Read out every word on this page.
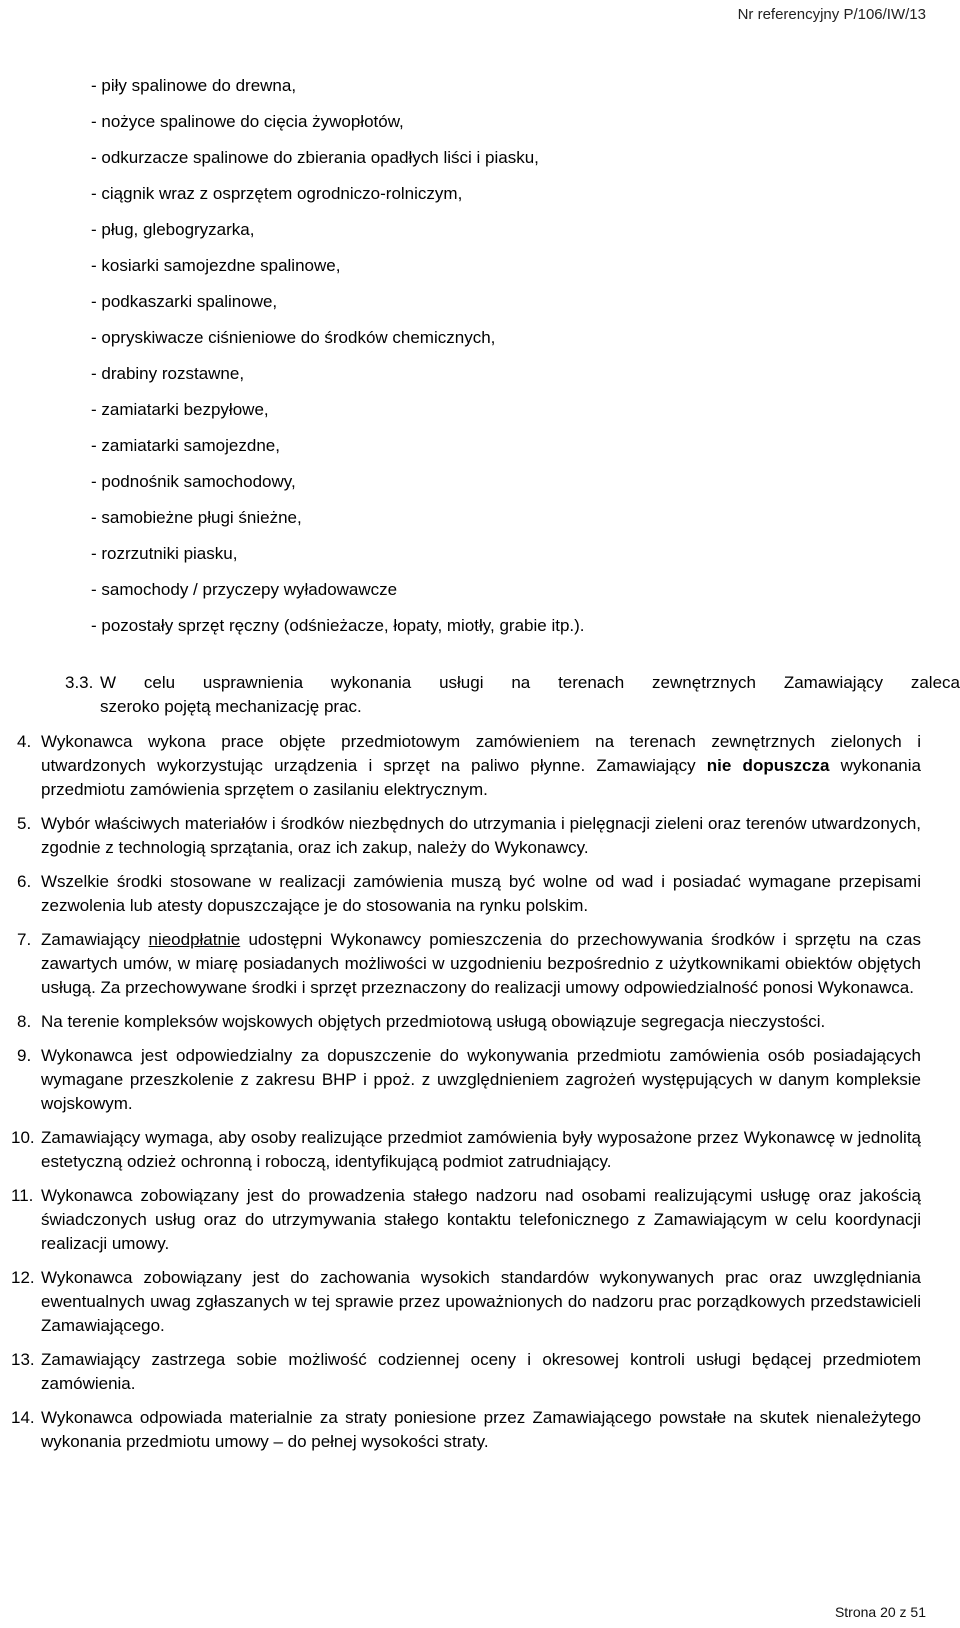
Nr referencyjny P/106/IW/13
- piły spalinowe do drewna,
- nożyce spalinowe do cięcia żywopłotów,
- odkurzacze spalinowe do zbierania opadłych liści i piasku,
- ciągnik wraz z osprzętem ogrodniczo-rolniczym,
- pług, glebogryzarka,
- kosiarki samojezdne spalinowe,
- podkaszarki spalinowe,
- opryskiwacze ciśnieniowe do środków chemicznych,
- drabiny rozstawne,
- zamiatarki bezpyłowe,
- zamiatarki samojezdne,
- podnośnik samochodowy,
- samobieżne pługi śnieżne,
- rozrzutniki piasku,
- samochody / przyczepy wyładowawcze
- pozostały sprzęt ręczny (odśnieżacze, łopaty, miotły, grabie itp.).
3.3. W celu usprawnienia wykonania usługi na terenach zewnętrznych Zamawiający zaleca
szeroko pojętą mechanizację prac.
4. Wykonawca wykona prace objęte przedmiotowym zamówieniem na terenach zewnętrznych zielonych i utwardzonych wykorzystując urządzenia i sprzęt na paliwo płynne. Zamawiający nie dopuszcza wykonania przedmiotu zamówienia sprzętem o zasilaniu elektrycznym.
5. Wybór właściwych materiałów i środków niezbędnych do utrzymania i pielęgnacji zieleni oraz terenów utwardzonych, zgodnie z technologią sprzątania, oraz ich zakup, należy do Wykonawcy.
6. Wszelkie środki stosowane w realizacji zamówienia muszą być wolne od wad i posiadać wymagane przepisami zezwolenia lub atesty dopuszczające je do stosowania na rynku polskim.
7. Zamawiający nieodpłatnie udostępni Wykonawcy pomieszczenia do przechowywania środków i sprzętu na czas zawartych umów, w miarę posiadanych możliwości w uzgodnieniu bezpośrednio z użytkownikami obiektów objętych usługą. Za przechowywane środki i sprzęt przeznaczony do realizacji umowy odpowiedzialność ponosi Wykonawca.
8. Na terenie kompleksów wojskowych objętych przedmiotową usługą obowiązuje segregacja nieczystości.
9. Wykonawca jest odpowiedzialny za dopuszczenie do wykonywania przedmiotu zamówienia osób posiadających wymagane przeszkolenie z zakresu BHP i ppoż. z uwzględnieniem zagrożeń występujących w danym kompleksie wojskowym.
10. Zamawiający wymaga, aby osoby realizujące przedmiot zamówienia były wyposażone przez Wykonawcę w jednolitą estetyczną odzież ochronną i roboczą, identyfikującą podmiot zatrudniający.
11. Wykonawca zobowiązany jest do prowadzenia stałego nadzoru nad osobami realizującymi usługę oraz jakością świadczonych usług oraz do utrzymywania stałego kontaktu telefonicznego z Zamawiającym w celu koordynacji realizacji umowy.
12. Wykonawca zobowiązany jest do zachowania wysokich standardów wykonywanych prac oraz uwzględniania ewentualnych uwag zgłaszanych w tej sprawie przez upoważnionych do nadzoru prac porządkowych przedstawicieli Zamawiającego.
13. Zamawiający zastrzega sobie możliwość codziennej oceny i okresowej kontroli usługi będącej przedmiotem zamówienia.
14. Wykonawca odpowiada materialnie za straty poniesione przez Zamawiającego powstałe na skutek nienależytego wykonania przedmiotu umowy – do pełnej wysokości straty.
Strona 20 z 51
